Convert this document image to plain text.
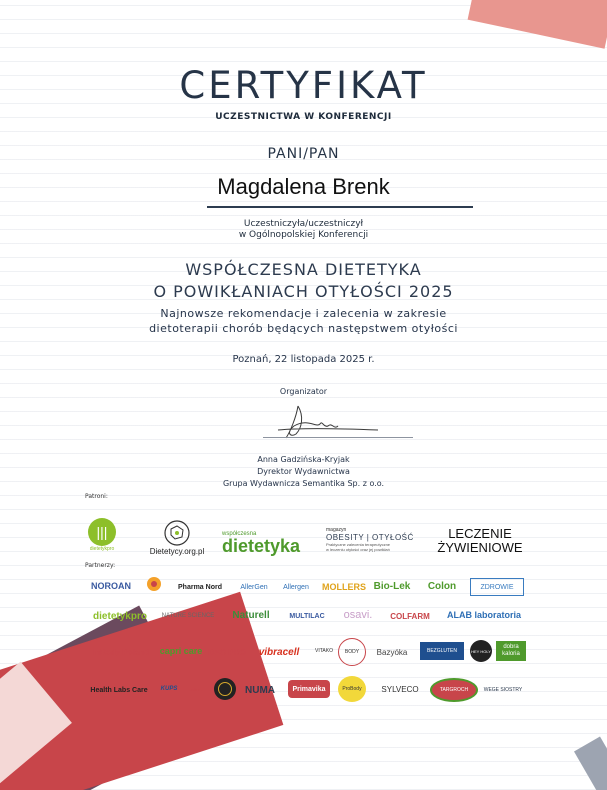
CERTYFIKAT
UCZESTNICTWA W KONFERENCJI
PANI/PAN
Magdalena Brenk
Uczestniczyła/uczestniczył
w Ogólnopolskiej Konferencji
WSPÓŁCZESNA DIETETYKA
O POWIKŁANIACH OTYŁOŚCI 2025
Najnowsze rekomendacje i zalecenia w zakresie
dietoterapii chorób będących następstwem otyłości
Poznań, 22 listopada 2025 r.
Organizator
Anna Gadzińska-Kryjak
Dyrektor Wydawnictwa
Grupa Wydawnicza Semantika Sp. z o.o.
Patroni:
|||
dietetykpro	Dietetycy.org.pl
współczesna
dietetyka
magazyn
OBESITY | OTYŁOŚĆ
Praktyczne zalecenia terapeutyczne
w leczeniu otyłości oraz jej powikłań
LECZENIE
ŻYWIENIOWE
Partnerzy:
NOROAN	Pharma Nord	AllerGen	Allergen	MOLLERS Bio-Lek	Colon	ZDROWIE
dietetykpro	NATURE SCIENCE	Naturell	MULTILAC	osavi.	COLFARM	ALAB laboratoria
InBody Poland	capri care DAO PRO	vibracell	VITAKO	BODY	Bazyóka	BEZGLUTEN	HEY HOLY
dobra kaloria
Health Labs Care	KUPS	ABELZ	NUMA	Primavika	ProBody	SYLVECO	TARGROCH	WEGE SIOSTRY
